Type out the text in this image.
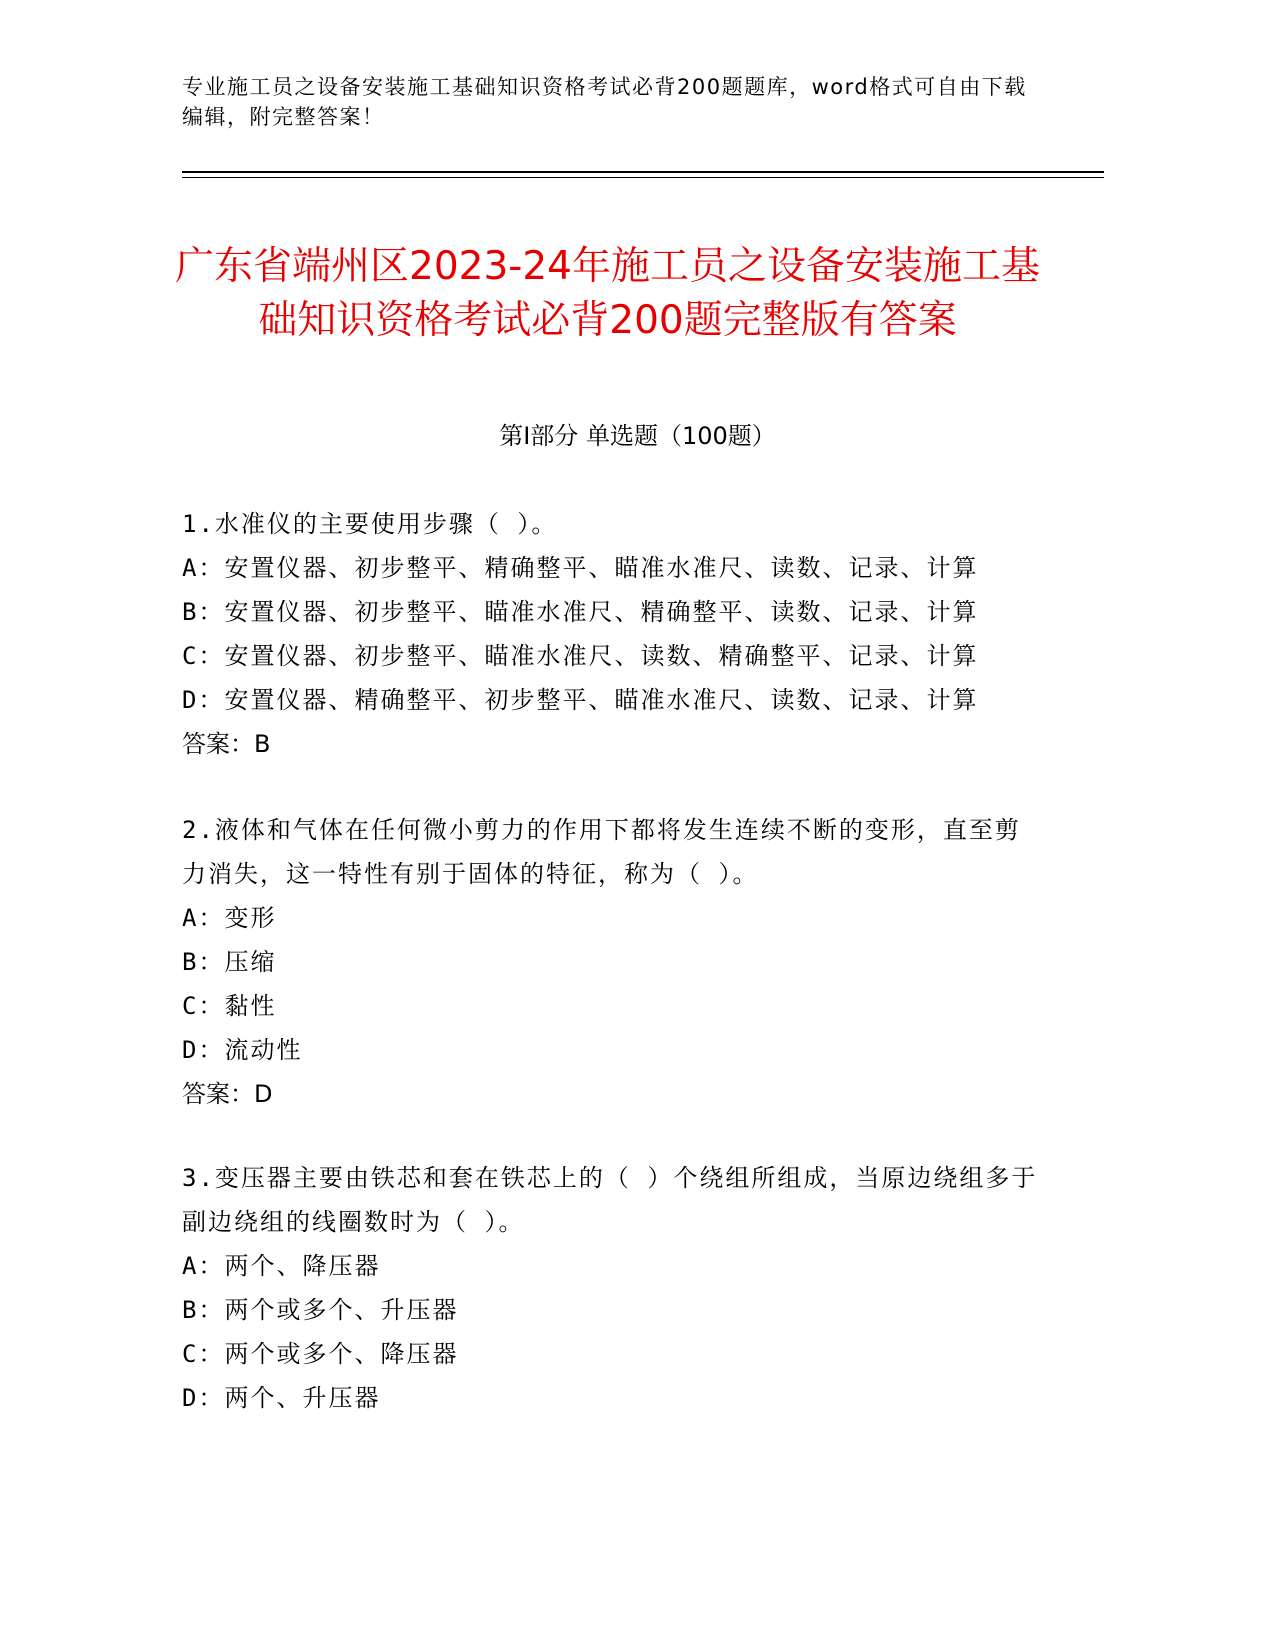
专业施工员之设备安装施工基础知识资格考试必背200题题库，word格式可自由下载编辑，附完整答案！
广东省端州区2023-24年施工员之设备安装施工基础知识资格考试必背200题完整版有答案
第Ⅰ部分 单选题（100题）
1.水准仪的主要使用步骤（ ）。
A：安置仪器、初步整平、精确整平、瞄准水准尺、读数、记录、计算
B：安置仪器、初步整平、瞄准水准尺、精确整平、读数、记录、计算
C：安置仪器、初步整平、瞄准水准尺、读数、精确整平、记录、计算
D：安置仪器、精确整平、初步整平、瞄准水准尺、读数、记录、计算
答案：B
2.液体和气体在任何微小剪力的作用下都将发生连续不断的变形，直至剪力消失，这一特性有别于固体的特征，称为（ ）。
A：变形
B：压缩
C：黏性
D：流动性
答案：D
3.变压器主要由铁芯和套在铁芯上的（ ）个绕组所组成，当原边绕组多于副边绕组的线圈数时为（ ）。
A：两个、降压器
B：两个或多个、升压器
C：两个或多个、降压器
D：两个、升压器
